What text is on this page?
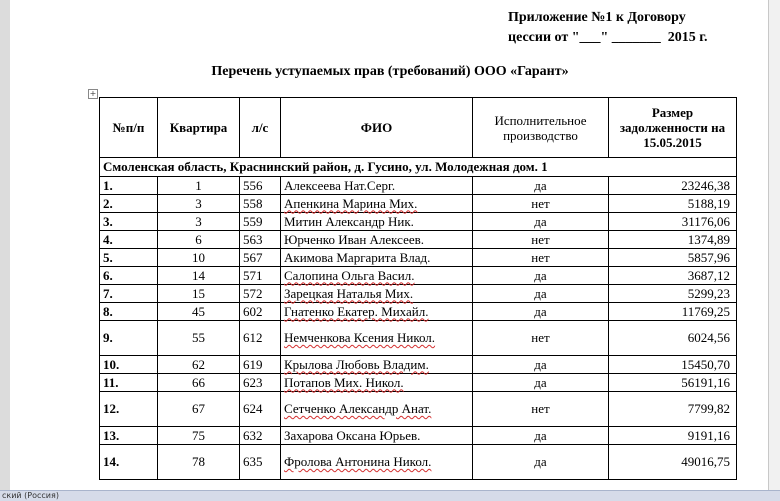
Приложение №1 к Договору
цессии от "___" _______  2015 г.
Перечень уступаемых прав (требований) ООО «Гарант»
+
№п/п	Квартира	л/с	ФИО	Исполнительное производство	Размер задолженности на 15.05.2015
Смоленская область, Краснинский район, д. Гусино, ул. Молодежная дом. 1					
1.	1	556	Алексеева Нат.Серг.	да	23246,38
2.	3	558	Апенкина Марина Мих.	нет	5188,19
3.	3	559	Митин Александр Ник.	да	31176,06
4.	6	563	Юрченко Иван Алексеев.	нет	1374,89
5.	10	567	Акимова Маргарита Влад.	нет	5857,96
6.	14	571	Салопина Ольга Васил.	да	3687,12
7.	15	572	Зарецкая Наталья Мих.	да	5299,23
8.	45	602	Гнатенко Екатер. Михайл.	да	11769,25
9.	55	612	Немченкова Ксения Никол.	нет	6024,56
10.	62	619	Крылова Любовь Владим.	да	15450,70
11.	66	623	Потапов Мих. Никол.	да	56191,16
12.	67	624	Сетченко Александр Анат.	нет	7799,82
13.	75	632	Захарова Оксана Юрьев.	да	9191,16
14.	78	635	Фролова Антонина Никол.	да	49016,75
ский (Россия)
